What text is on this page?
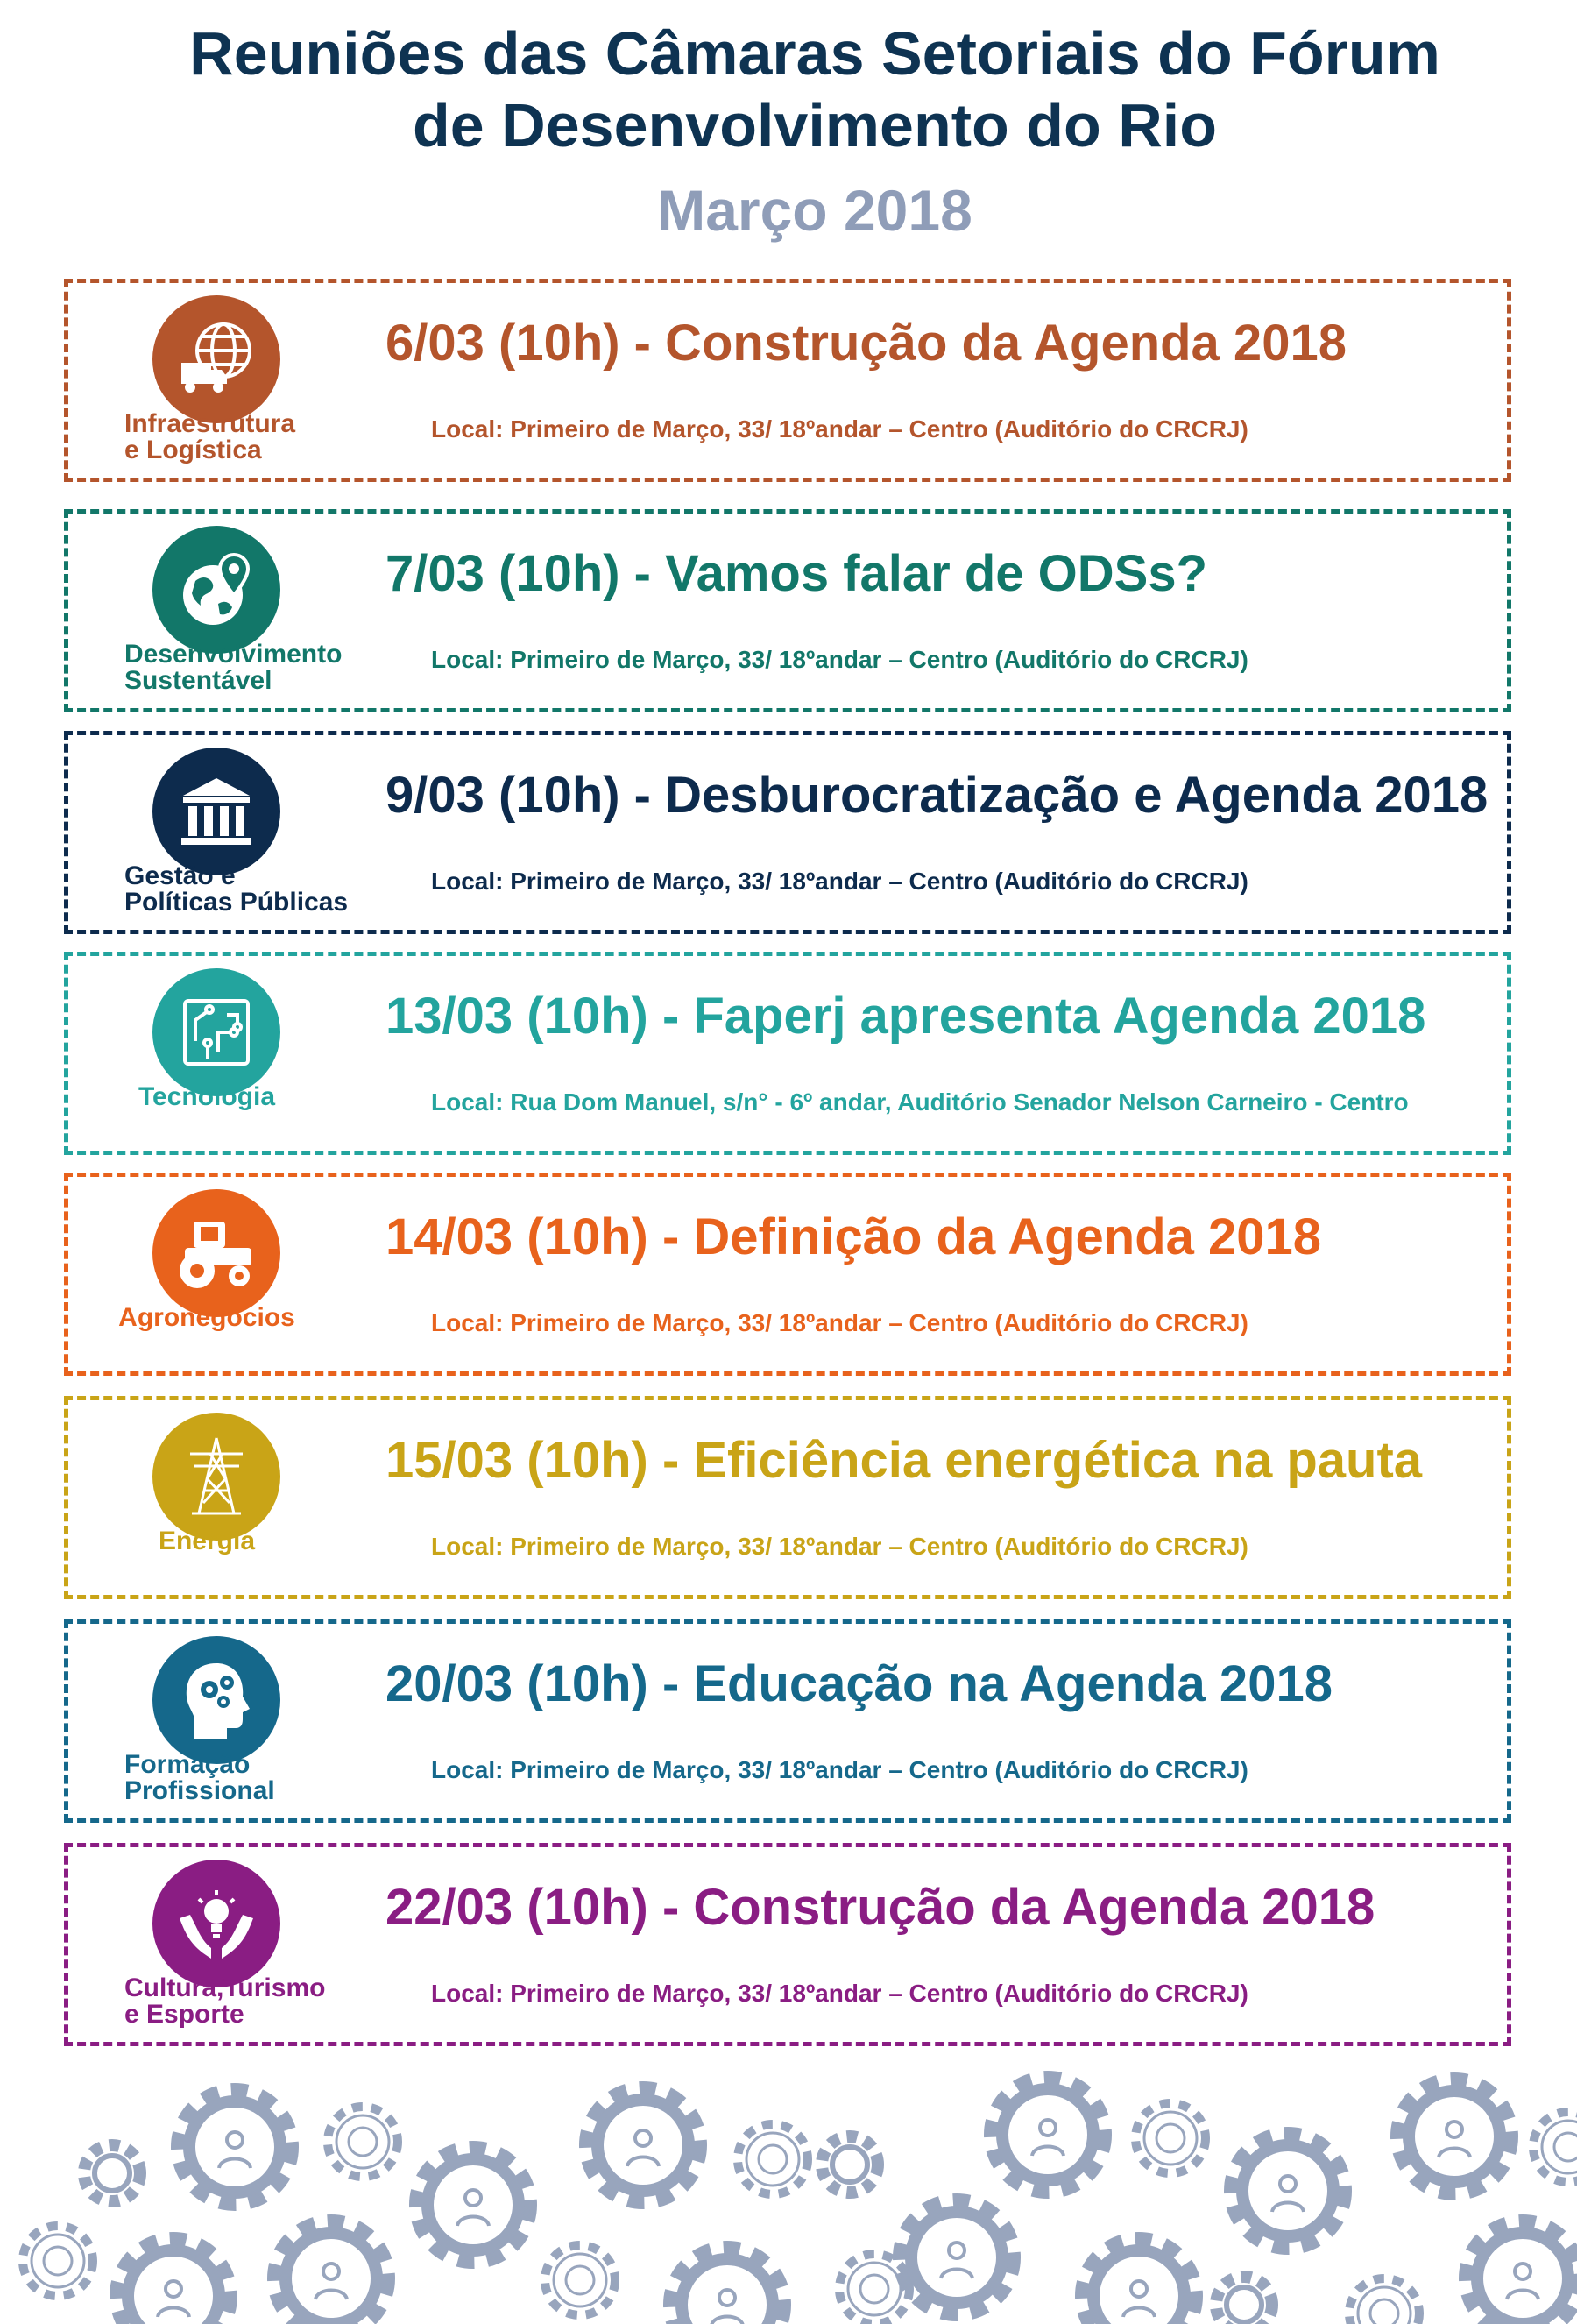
Reuniões das Câmaras Setoriais do Fórum
de Desenvolvimento do Rio
Março 2018
Infraestrutura
e Logística
6/03 (10h) - Construção da Agenda 2018
Local: Primeiro de Março, 33/ 18ºandar – Centro (Auditório do CRCRJ)
Desenvolvimento
Sustentável
7/03 (10h) - Vamos falar de ODSs?
Local: Primeiro de Março, 33/ 18ºandar – Centro (Auditório do CRCRJ)
Gestão e
Políticas Públicas
9/03 (10h) - Desburocratização e Agenda 2018
Local: Primeiro de Março, 33/ 18ºandar – Centro (Auditório do CRCRJ)
Tecnologia
13/03 (10h) - Faperj apresenta Agenda 2018
Local: Rua Dom Manuel, s/n° - 6º andar, Auditório Senador Nelson Carneiro - Centro
Agronegócios
14/03 (10h) - Definição da Agenda 2018
Local: Primeiro de Março, 33/ 18ºandar – Centro (Auditório do CRCRJ)
Energia
15/03 (10h) - Eficiência energética na pauta
Local: Primeiro de Março, 33/ 18ºandar – Centro (Auditório do CRCRJ)
Formação
Profissional
20/03 (10h) - Educação na Agenda 2018
Local: Primeiro de Março, 33/ 18ºandar – Centro (Auditório do CRCRJ)
Cultura,Turismo
e Esporte
22/03 (10h) - Construção da Agenda 2018
Local: Primeiro de Março, 33/ 18ºandar – Centro (Auditório do CRCRJ)
